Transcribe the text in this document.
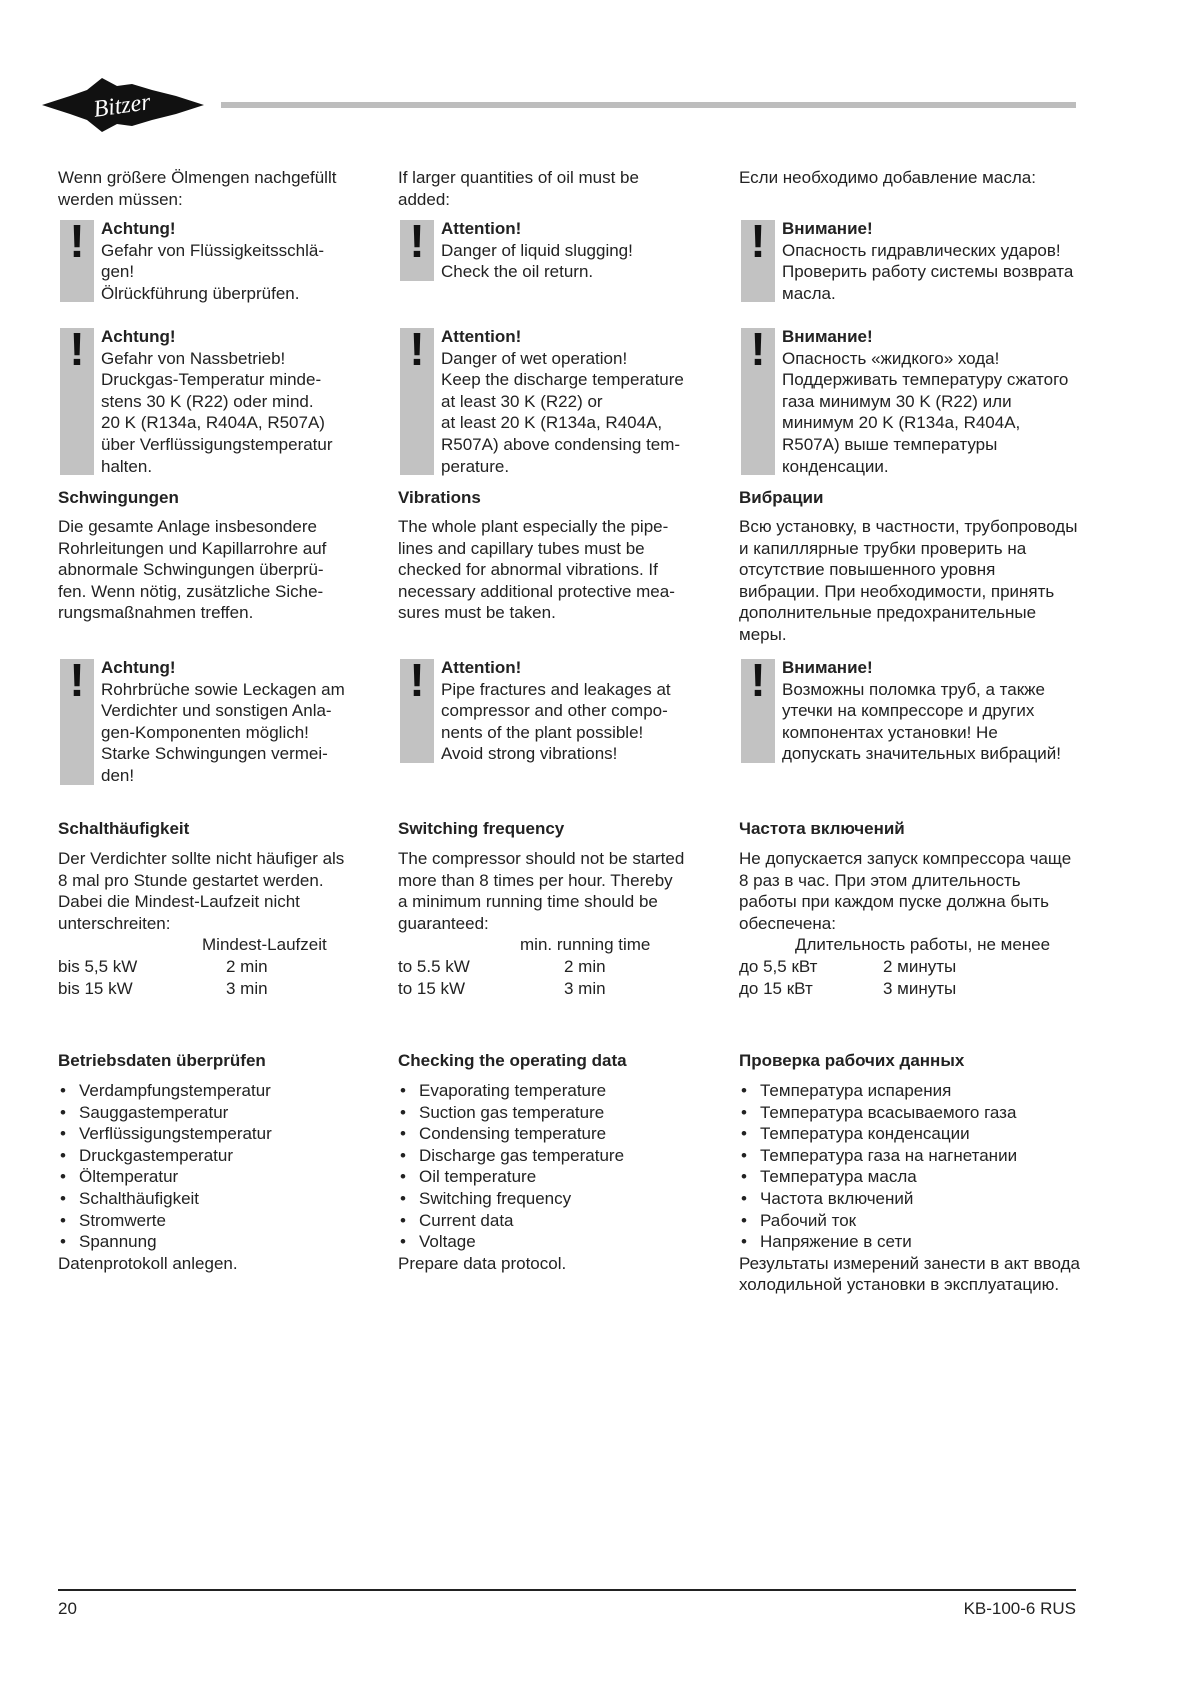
Bitzer
Wenn größere Ölmengen nachgefüllt
werden müssen:
! Achtung!
Gefahr von Flüssigkeitsschlä-
gen!
Ölrückführung überprüfen.
! Achtung!
Gefahr von Nassbetrieb!
Druckgas-Temperatur minde-
stens 30 K (R22) oder mind.
20 K (R134a, R404A, R507A)
über Verflüssigungstemperatur
halten.
! Achtung!
Rohrbrüche sowie Leckagen am
Verdichter und sonstigen Anla-
gen-Komponenten möglich!
Starke Schwingungen vermei-
den!
Schwingungen
Die gesamte Anlage insbesondere
Rohrleitungen und Kapillarrohre auf
abnormale Schwingungen überprü-
fen. Wenn nötig, zusätzliche Siche-
rungsmaßnahmen treffen.
Schalthäufigkeit
Der Verdichter sollte nicht häufiger als
8 mal pro Stunde gestartet werden.
Dabei die Mindest-Laufzeit nicht
unterschreiten:
Mindest-Laufzeit
bis 5,5 kW	2 min
bis 15 kW	3 min
Betriebsdaten überprüfen
• Verdampfungstemperatur
• Sauggastemperatur
• Verflüssigungstemperatur
• Druckgastemperatur
• Öltemperatur
• Schalthäufigkeit
• Stromwerte
• Spannung
Datenprotokoll anlegen.
If larger quantities of oil must be
added:
! Attention!
Danger of liquid slugging!
Check the oil return.
! Attention!
Danger of wet operation!
Keep the discharge temperature
at least 30 K (R22) or
at least 20 K (R134a, R404A,
R507A) above condensing tem-
perature.
! Attention!
Pipe fractures and leakages at
compressor and other compo-
nents of the plant possible!
Avoid strong vibrations!
Vibrations
The whole plant especially the pipe-
lines and capillary tubes must be
checked for abnormal vibrations. If
necessary additional protective mea-
sures must be taken.
Switching frequency
The compressor should not be started
more than 8 times per hour. Thereby
a minimum running time should be
guaranteed:
min. running time
to 5.5 kW	2 min
to 15 kW	3 min
Checking the operating data
• Evaporating temperature
• Suction gas temperature
• Condensing temperature
• Discharge gas temperature
• Oil temperature
• Switching frequency
• Current data
• Voltage
Prepare data protocol.
Если необходимо добавление масла:
! Внимание!
Опасность гидравлических ударов!
Проверить работу системы возврата
масла.
! Внимание!
Опасность «жидкого» хода!
Поддерживать температуру сжатого
газа минимум 30 K (R22) или
минимум 20 K (R134a, R404A,
R507A) выше температуры
конденсации.
! Внимание!
Возможны поломка труб, а также
утечки на компрессоре и других
компонентах установки! Не
допускать значительных вибраций!
Вибрации
Всю установку, в частности, трубопроводы
и капиллярные трубки проверить на
отсутствие повышенного уровня
вибрации. При необходимости, принять
дополнительные предохранительные
меры.
Частота включений
Не допускается запуск компрессора чаще
8 раз в час. При этом длительность
работы при каждом пуске должна быть
обеспечена:
Длительность работы, не менее
до 5,5 кВт	2 минуты
до 15 кВт	3 минуты
Проверка рабочих данных
• Температура испарения
• Температура всасываемого газа
• Температура конденсации
• Температура газа на нагнетании
• Температура масла
• Частота включений
• Рабочий ток
• Напряжение в сети
Результаты измерений занести в акт ввода
холодильной установки в эксплуатацию.
20	KB-100-6 RUS
